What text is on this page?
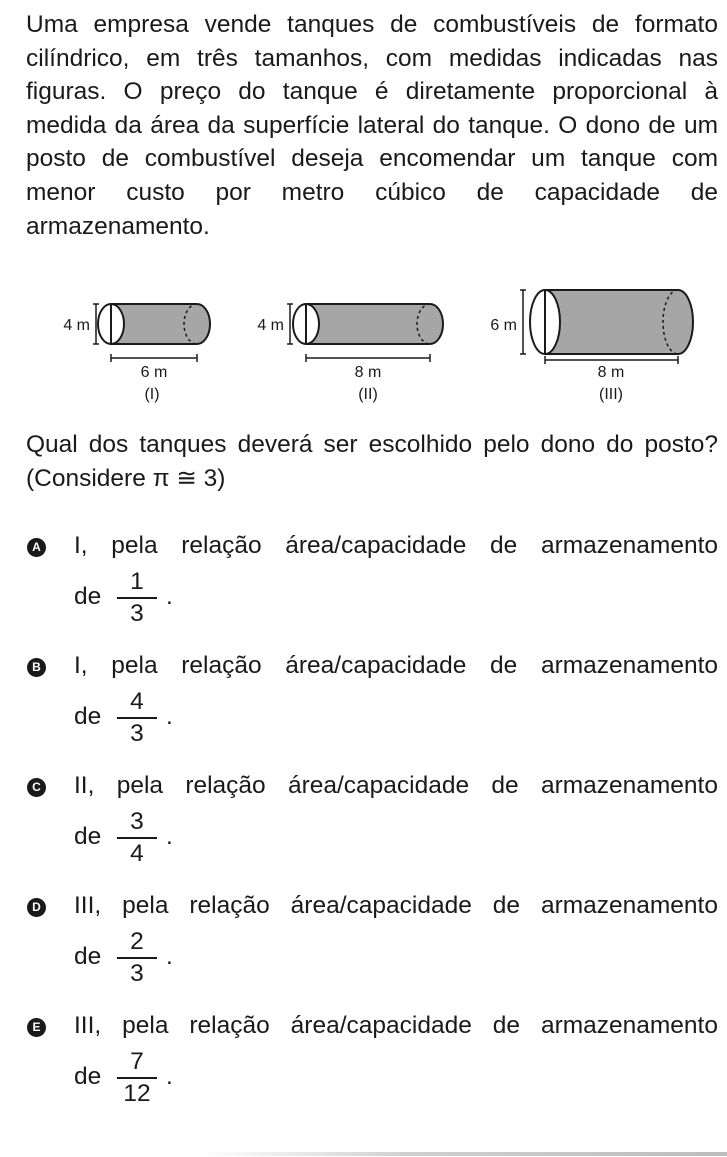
Uma empresa vende tanques de combustíveis de formato cilíndrico, em três tamanhos, com medidas indicadas nas figuras. O preço do tanque é diretamente proporcional à medida da área da superfície lateral do tanque. O dono de um posto de combustível deseja encomendar um tanque com menor custo por metro cúbico de capacidade de armazenamento.
4 m
6 m
(I)
4 m
8 m
(II)
6 m
8 m
(III)
Qual dos tanques deverá ser escolhido pelo dono do posto? (Considere π ≅ 3)
A I, pela relação área/capacidade de armazenamento
de
1
3
.
B I, pela relação área/capacidade de armazenamento
de
4
3
.
C II, pela relação área/capacidade de armazenamento
de
3
4
.
D III, pela relação área/capacidade de armazenamento
de
2
3
.
E III, pela relação área/capacidade de armazenamento
de
7
12
.
